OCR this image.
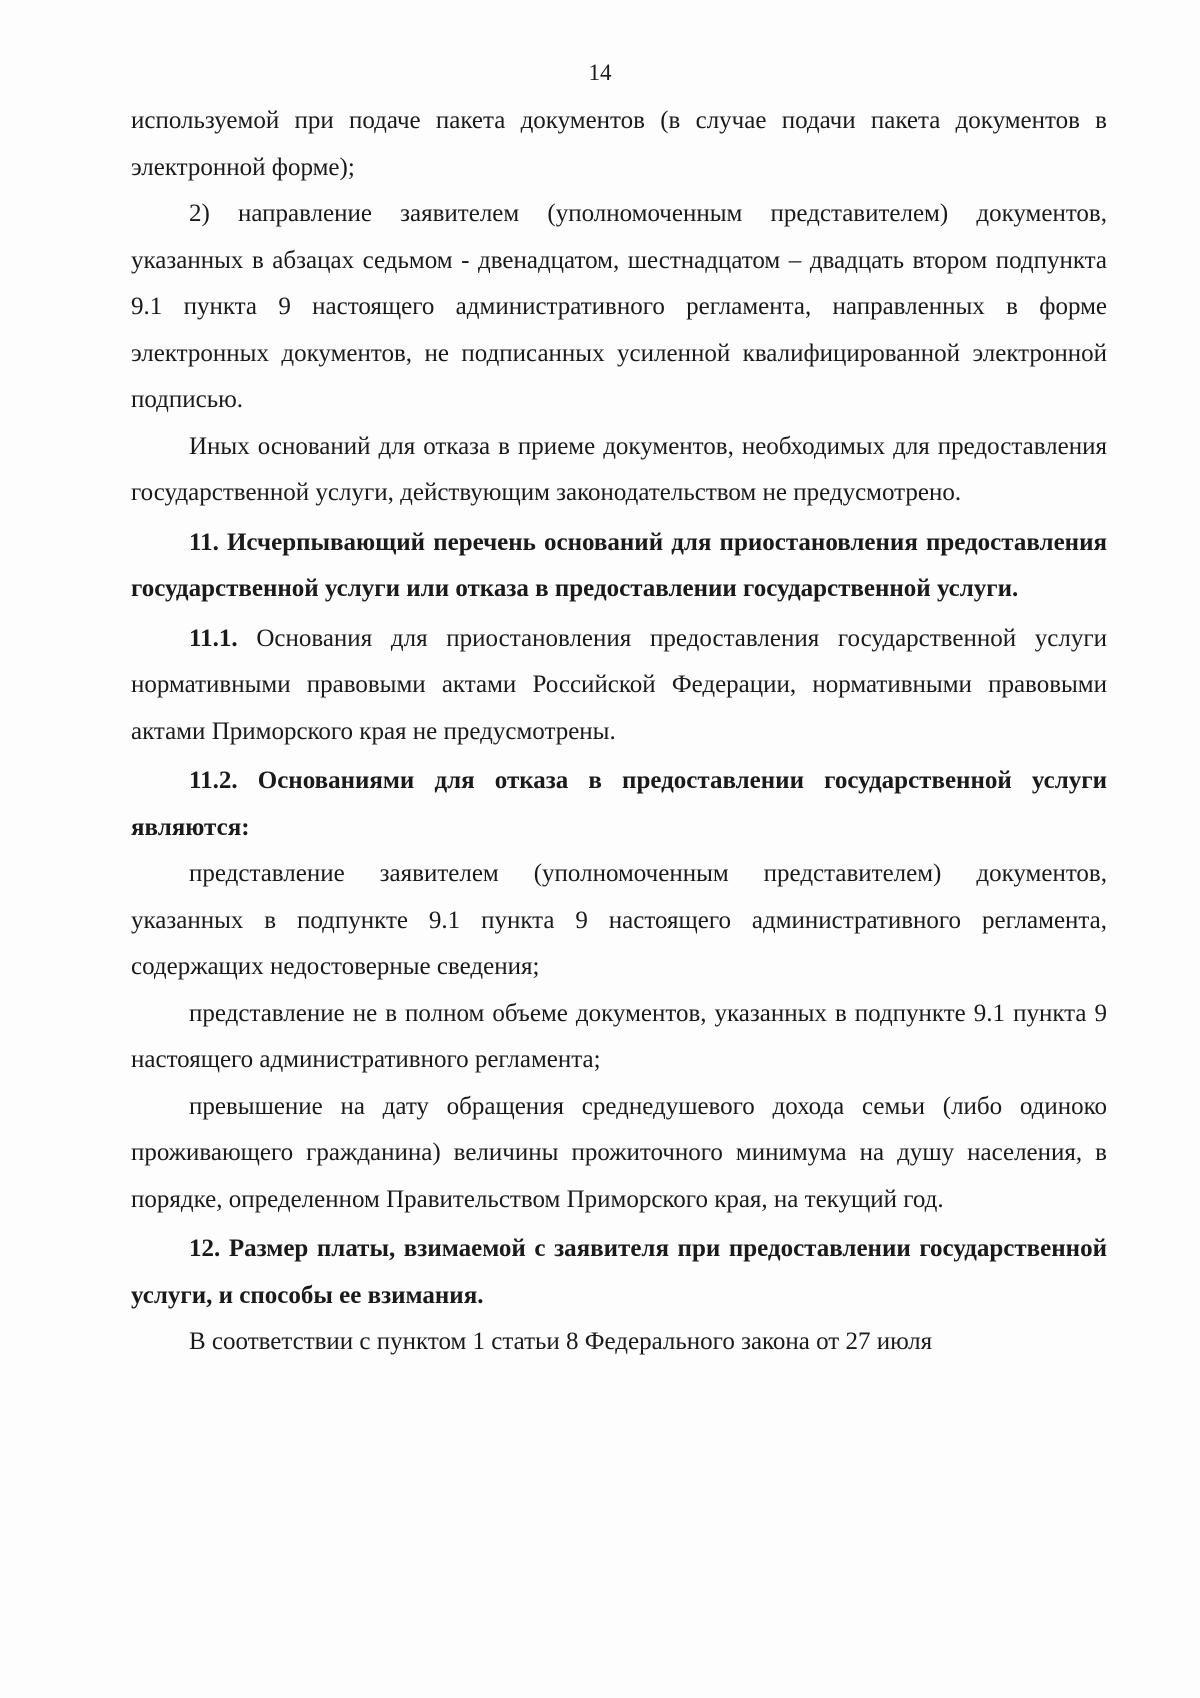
14

используемой при подаче пакета документов (в случае подачи пакета документов в электронной форме);

2) направление заявителем (уполномоченным представителем) документов, указанных в абзацах седьмом - двенадцатом, шестнадцатом – двадцать втором подпункта 9.1 пункта 9 настоящего административного регламента, направленных в форме электронных документов, не подписанных усиленной квалифицированной электронной подписью.

Иных оснований для отказа в приеме документов, необходимых для предоставления государственной услуги, действующим законодательством не предусмотрено.

11. Исчерпывающий перечень оснований для приостановления предоставления государственной услуги или отказа в предоставлении государственной услуги.

11.1. Основания для приостановления предоставления государственной услуги нормативными правовыми актами Российской Федерации, нормативными правовыми актами Приморского края не предусмотрены.

11.2. Основаниями для отказа в предоставлении государственной услуги являются:

представление заявителем (уполномоченным представителем) документов, указанных в подпункте 9.1 пункта 9 настоящего административного регламента, содержащих недостоверные сведения;

представление не в полном объеме документов, указанных в подпункте 9.1 пункта 9 настоящего административного регламента;

превышение на дату обращения среднедушевого дохода семьи (либо одиноко проживающего гражданина) величины прожиточного минимума на душу населения, в порядке, определенном Правительством Приморского края, на текущий год.

12. Размер платы, взимаемой с заявителя при предоставлении государственной услуги, и способы ее взимания.

В соответствии с пунктом 1 статьи 8 Федерального закона от 27 июля
